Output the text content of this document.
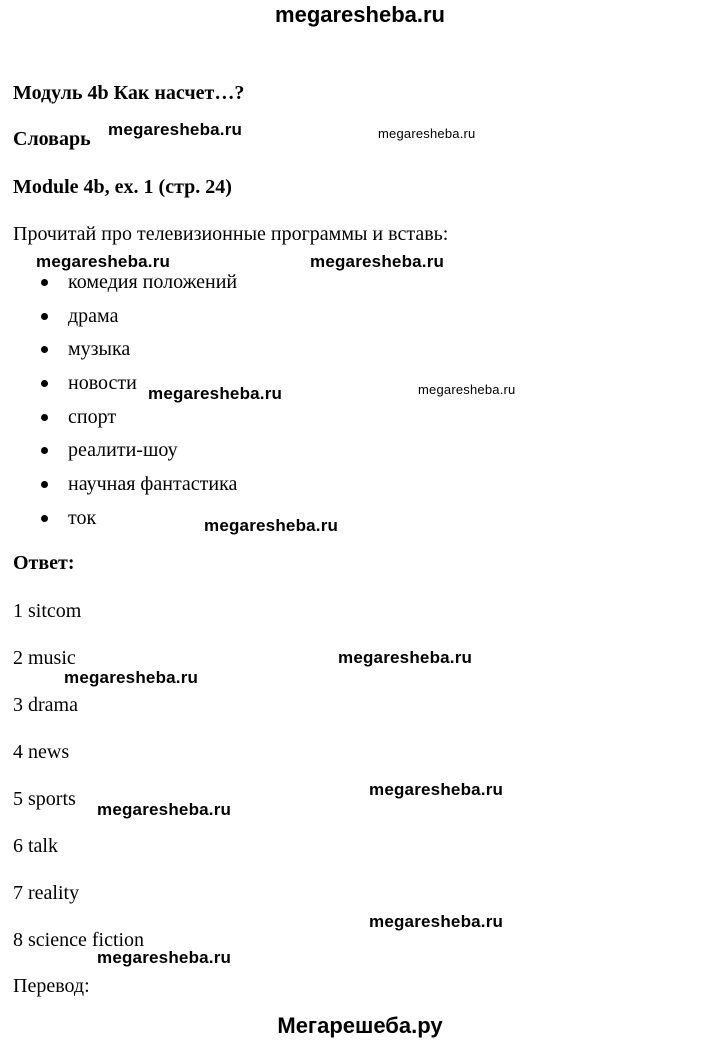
megaresheba.ru
Модуль 4b Как насчет…?
Словарь
Module 4b, ex. 1 (стр. 24)
Прочитай про телевизионные программы и вставь:
комедия положений
драма
музыка
новости
спорт
реалити-шоу
научная фантастика
ток
Ответ:
1 sitcom
2 music
3 drama
4 news
5 sports
6 talk
7 reality
8 science fiction
Перевод:
megaresheba.ru	megaresheba.ru
megaresheba.ru	megaresheba.ru
megaresheba.ru	megaresheba.ru
megaresheba.ru
megaresheba.ru
megaresheba.ru
megaresheba.ru
megaresheba.ru
megaresheba.ru
megaresheba.ru
Мегарешеба.ру
